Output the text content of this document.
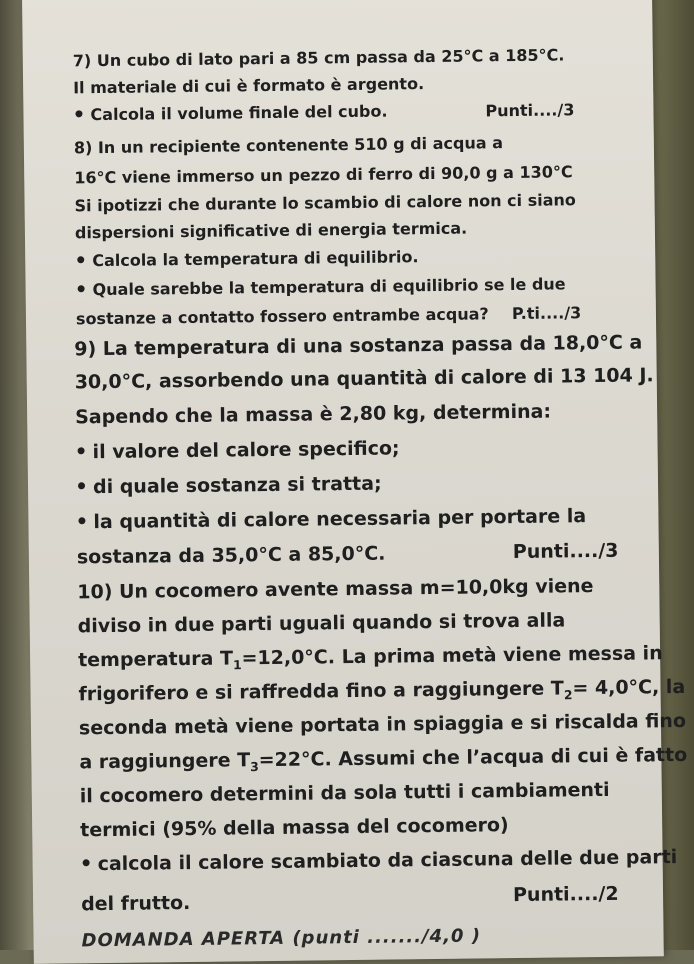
7) Un cubo di lato pari a 85 cm passa da 25°C a 185°C.
Il materiale di cui è formato è argento.
Calcola il volume finale del cubo.	Punti..../3
8) In un recipiente contenente 510 g di acqua a
16°C viene immerso un pezzo di ferro di 90,0 g a 130°C
Si ipotizzi che durante lo scambio di calore non ci siano
dispersioni significative di energia termica.
Calcola la temperatura di equilibrio.
Quale sarebbe la temperatura di equilibrio se le due
sostanze a contatto fossero entrambe acqua? P.ti..../3
9) La temperatura di una sostanza passa da 18,0°C a
30,0°C, assorbendo una quantità di calore di 13 104 J.
Sapendo che la massa è 2,80 kg, determina:
il valore del calore specifico;
di quale sostanza si tratta;
la quantità di calore necessaria per portare la
sostanza da 35,0°C a 85,0°C.	Punti..../3
10) Un cocomero avente massa m=10,0kg viene
diviso in due parti uguali quando si trova alla
temperatura $T_1=12,0^\circ C$. La prima metà viene messa in
frigorifero e si raffredda fino a raggiungere $T_2= 4,0^\circ C$, la
seconda metà viene portata in spiaggia e si riscalda fino
a raggiungere $T_3=22^\circ C$. Assumi che l’acqua di cui è fatto
il cocomero determini da sola tutti i cambiamenti
termici (95% della massa del cocomero)
calcola il calore scambiato da ciascuna delle due parti
del frutto.	Punti..../2
DOMANDA APERTA (punti ......./4,0 )
